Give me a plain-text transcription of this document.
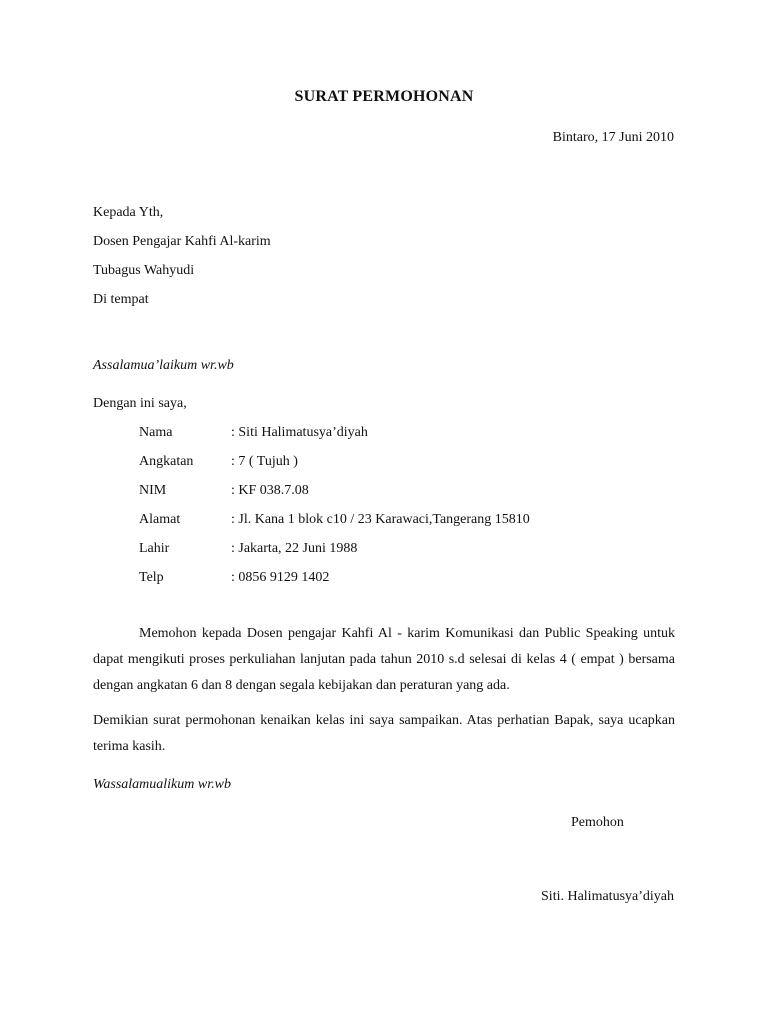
SURAT PERMOHONAN
Bintaro, 17 Juni 2010
Kepada Yth,
Dosen Pengajar Kahfi Al-karim
Tubagus Wahyudi
Di tempat
Assalamua’laikum wr.wb
Dengan ini saya,
Nama	: Siti Halimatusya’diyah
Angkatan	: 7 ( Tujuh )
NIM	: KF 038.7.08
Alamat	: Jl. Kana 1 blok c10 / 23 Karawaci,Tangerang 15810
Lahir	: Jakarta, 22 Juni 1988
Telp	: 0856 9129 1402
Memohon kepada Dosen pengajar Kahfi Al - karim Komunikasi dan Public Speaking untuk dapat mengikuti proses perkuliahan lanjutan pada tahun 2010 s.d selesai di kelas 4 ( empat ) bersama dengan angkatan 6 dan 8 dengan segala kebijakan dan peraturan yang ada.
Demikian surat permohonan kenaikan kelas ini saya sampaikan. Atas perhatian Bapak, saya ucapkan terima kasih.
Wassalamualikum wr.wb
Pemohon
Siti. Halimatusya’diyah
